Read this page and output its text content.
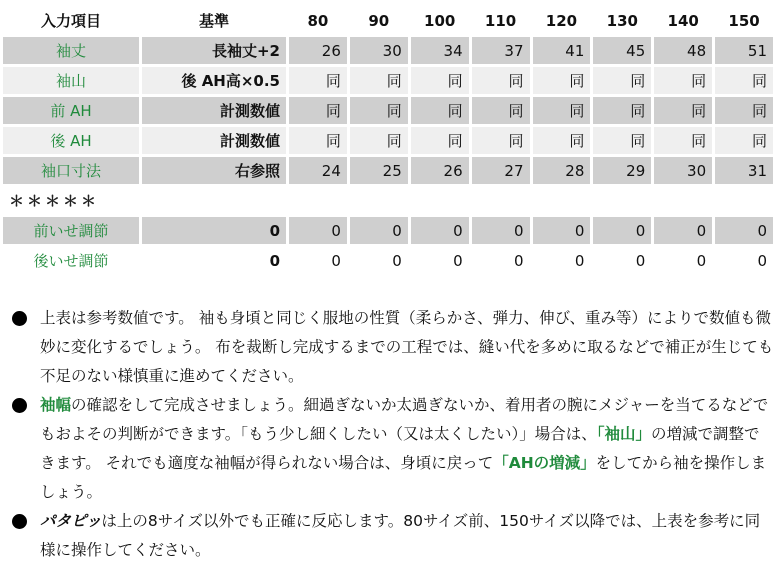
入力項目	基準	80	90	100	110	120	130	140	150
袖丈	長袖丈+2	26	30	34	37	41	45	48	51
袖山	後 AH高×0.5	同	同	同	同	同	同	同	同
前 AH	計測数値	同	同	同	同	同	同	同	同
後 AH	計測数値	同	同	同	同	同	同	同	同
袖口寸法	右参照	24	25	26	27	28	29	30	31
＊＊＊＊＊									
前いせ調節	0	0	0	0	0	0	0	0	0
後いせ調節	0	0	0	0	0	0	0	0	0

上表は参考数値です。 袖も身頃と同じく服地の性質（柔らかさ、弾力、伸び、重み等）によりで数値も微妙に変化するでしょう。 布を裁断し完成するまでの工程では、縫い代を多めに取るなどで補正が生じても不足のない様慎重に進めてください。

袖幅の確認をして完成させましょう。細過ぎないか太過ぎないか、着用者の腕にメジャーを当てるなどでもおよその判断ができます。「もう少し細くしたい（又は太くしたい）」場合は、「袖山」の増減で調整できます。 それでも適度な袖幅が得られない場合は、身頃に戻って「AHの増減」をしてから袖を操作しましょう。

パタピッは上の8サイズ以外でも正確に反応します。80サイズ前、150サイズ以降では、上表を参考に同様に操作してください。
